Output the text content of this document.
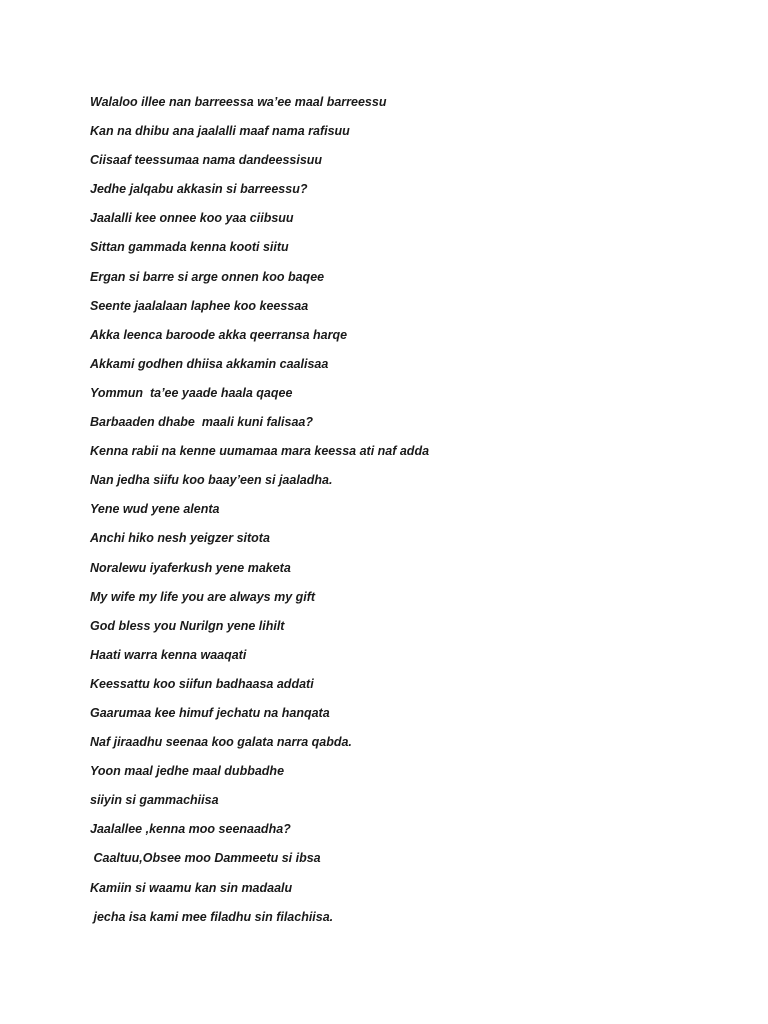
Walaloo illee nan barreessa wa’ee maal barreessu
Kan na dhibu ana jaalalli maaf nama rafisuu
Ciisaaf teessumaa nama dandeessisuu
Jedhe jalqabu akkasin si barreessu?
Jaalalli kee onnee koo yaa ciibsuu
Sittan gammada kenna kooti siitu
Ergan si barre si arge onnen koo baqee
Seente jaalalaan laphee koo keessaa
Akka leenca baroode akka qeerransa harqe
Akkami godhen dhiisa akkamin caalisaa
Yommun  ta’ee yaade haala qaqee
Barbaaden dhabe  maali kuni falisaa?
Kenna rabii na kenne uumamaa mara keessa ati naf adda
Nan jedha siifu koo baay’een si jaaladha.
Yene wud yene alenta
Anchi hiko nesh yeigzer sitota
Noralewu iyaferkush yene maketa
My wife my life you are always my gift
God bless you Nurilgn yene lihilt
Haati warra kenna waaqati
Keessattu koo siifun badhaasa addati
Gaarumaa kee himuf jechatu na hanqata
Naf jiraadhu seenaa koo galata narra qabda.
Yoon maal jedhe maal dubbadhe
siiyin si gammachiisa
Jaalallee ,kenna moo seenaadha?
Caaltuu,Obsee moo Dammeetu si ibsa
Kamiin si waamu kan sin madaalu
jecha isa kami mee filadhu sin filachiisa.
